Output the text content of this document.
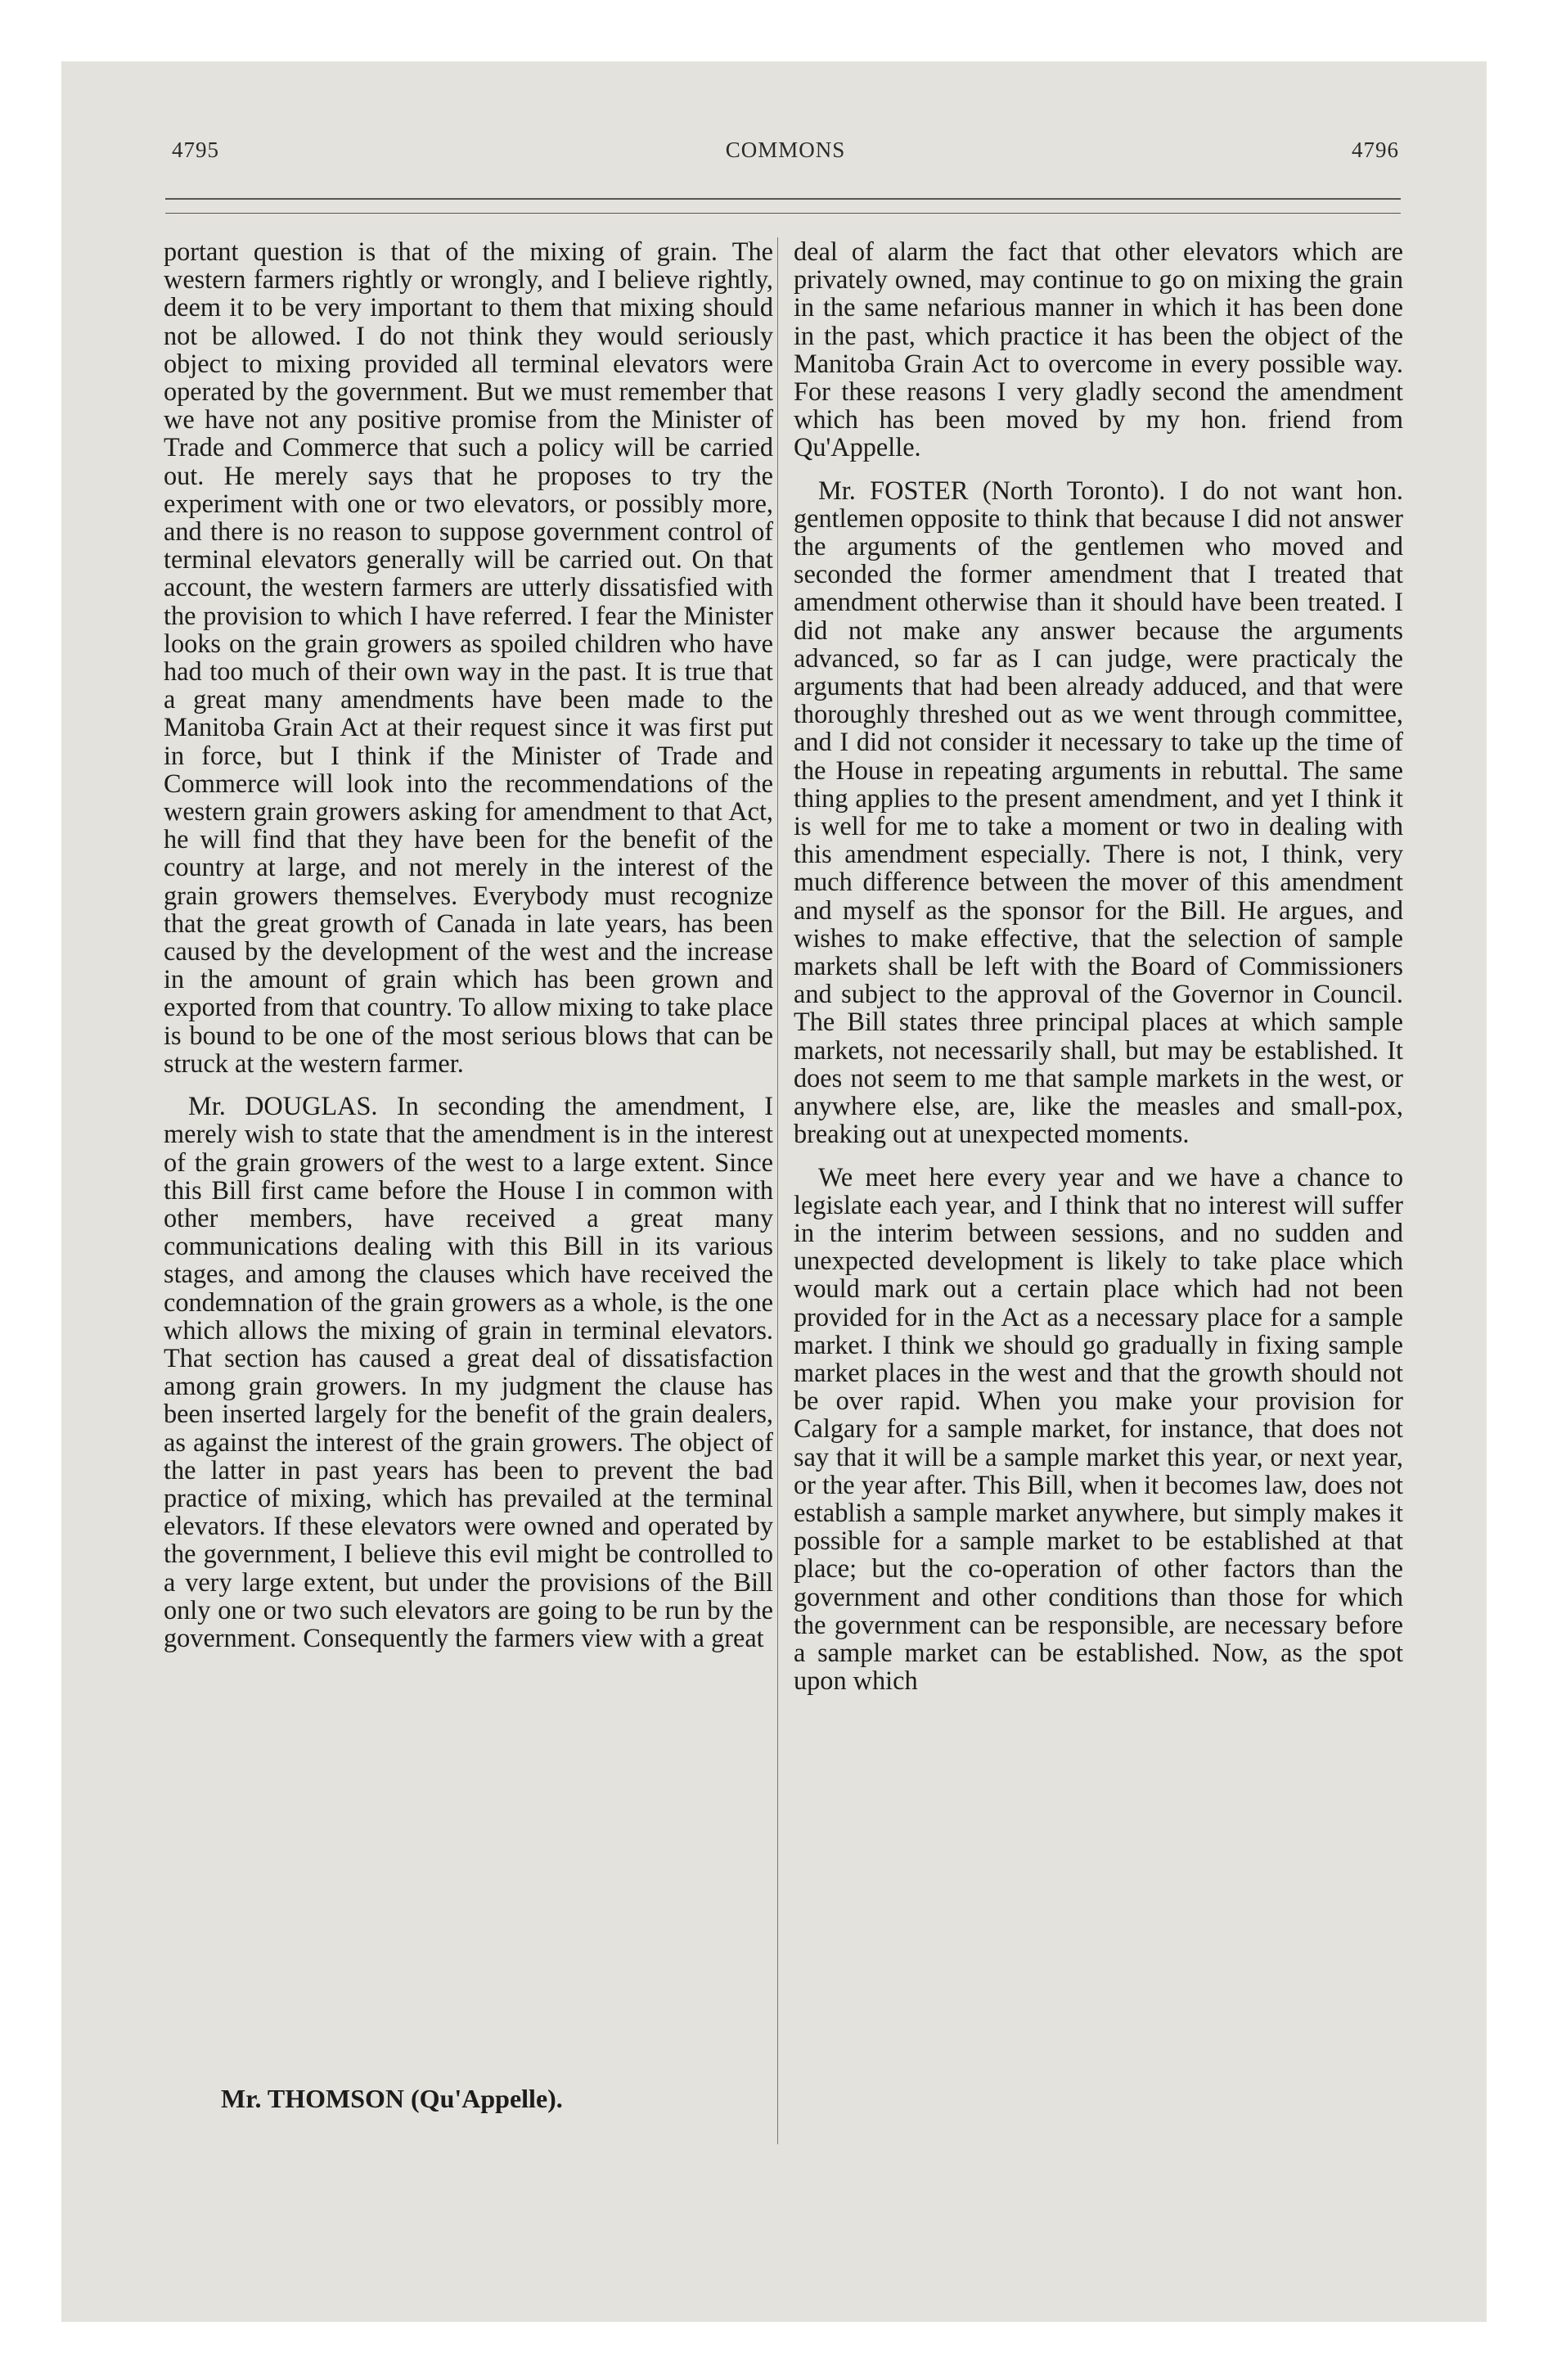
4795	COMMONS	4796

portant question is that of the mixing of grain. The western farmers rightly or wrongly, and I believe rightly, deem it to be very important to them that mixing should not be allowed. I do not think they would seriously object to mixing provided all terminal elevators were operated by the government. But we must remember that we have not any positive promise from the Minister of Trade and Commerce that such a policy will be carried out. He merely says that he proposes to try the experiment with one or two elevators, or possibly more, and there is no reason to suppose government control of terminal elevators generally will be carried out. On that account, the western farmers are utterly dissatisfied with the provision to which I have referred. I fear the Minister looks on the grain growers as spoiled children who have had too much of their own way in the past. It is true that a great many amendments have been made to the Manitoba Grain Act at their request since it was first put in force, but I think if the Minister of Trade and Commerce will look into the recommendations of the western grain growers asking for amendment to that Act, he will find that they have been for the benefit of the country at large, and not merely in the interest of the grain growers themselves. Everybody must recognize that the great growth of Canada in late years, has been caused by the development of the west and the increase in the amount of grain which has been grown and exported from that country. To allow mixing to take place is bound to be one of the most serious blows that can be struck at the western farmer.

Mr. DOUGLAS. In seconding the amendment, I merely wish to state that the amendment is in the interest of the grain growers of the west to a large extent. Since this Bill first came before the House I in common with other members, have received a great many communications dealing with this Bill in its various stages, and among the clauses which have received the condemnation of the grain growers as a whole, is the one which allows the mixing of grain in terminal elevators. That section has caused a great deal of dissatisfaction among grain growers. In my judgment the clause has been inserted largely for the benefit of the grain dealers, as against the interest of the grain growers. The object of the latter in past years has been to prevent the bad practice of mixing, which has prevailed at the terminal elevators. If these elevators were owned and operated by the government, I believe this evil might be controlled to a very large extent, but under the provisions of the Bill only one or two such elevators are going to be run by the government. Consequently the farmers view with a great

deal of alarm the fact that other elevators which are privately owned, may continue to go on mixing the grain in the same nefarious manner in which it has been done in the past, which practice it has been the object of the Manitoba Grain Act to overcome in every possible way. For these reasons I very gladly second the amendment which has been moved by my hon. friend from Qu'Appelle.

Mr. FOSTER (North Toronto). I do not want hon. gentlemen opposite to think that because I did not answer the arguments of the gentlemen who moved and seconded the former amendment that I treated that amendment otherwise than it should have been treated. I did not make any answer because the arguments advanced, so far as I can judge, were practicaly the arguments that had been already adduced, and that were thoroughly threshed out as we went through committee, and I did not consider it necessary to take up the time of the House in repeating arguments in rebuttal. The same thing applies to the present amendment, and yet I think it is well for me to take a moment or two in dealing with this amendment especially. There is not, I think, very much difference between the mover of this amendment and myself as the sponsor for the Bill. He argues, and wishes to make effective, that the selection of sample markets shall be left with the Board of Commissioners and subject to the approval of the Governor in Council. The Bill states three principal places at which sample markets, not necessarily shall, but may be established. It does not seem to me that sample markets in the west, or anywhere else, are, like the measles and small-pox, breaking out at unexpected moments.

We meet here every year and we have a chance to legislate each year, and I think that no interest will suffer in the interim between sessions, and no sudden and unexpected development is likely to take place which would mark out a certain place which had not been provided for in the Act as a necessary place for a sample market. I think we should go gradually in fixing sample market places in the west and that the growth should not be over rapid. When you make your provision for Calgary for a sample market, for instance, that does not say that it will be a sample market this year, or next year, or the year after. This Bill, when it becomes law, does not establish a sample market anywhere, but simply makes it possible for a sample market to be established at that place; but the co-operation of other factors than the government and other conditions than those for which the government can be responsible, are necessary before a sample market can be established. Now, as the spot upon which

Mr. THOMSON (Qu'Appelle).
